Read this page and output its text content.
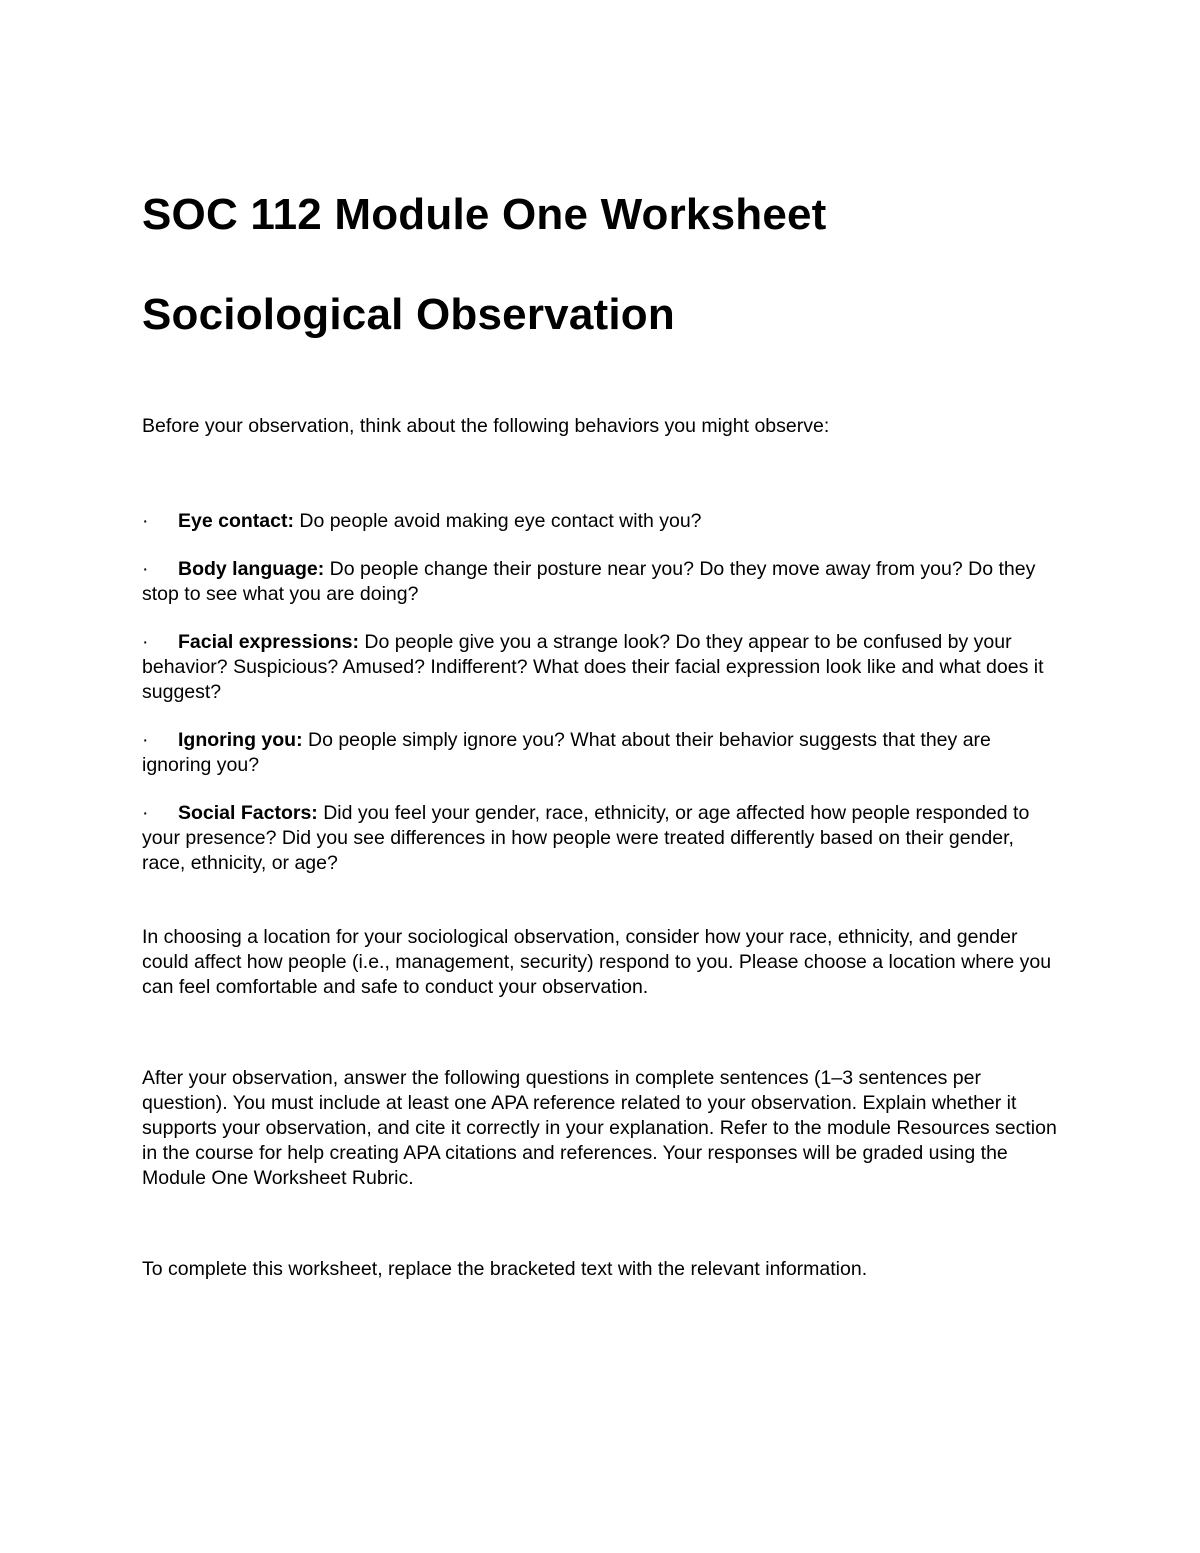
SOC 112 Module One Worksheet
Sociological Observation

Before your observation, think about the following behaviors you might observe:

· Eye contact: Do people avoid making eye contact with you?

· Body language: Do people change their posture near you? Do they move away from you? Do they stop to see what you are doing?

· Facial expressions: Do people give you a strange look? Do they appear to be confused by your behavior? Suspicious? Amused? Indifferent? What does their facial expression look like and what does it suggest?

· Ignoring you: Do people simply ignore you? What about their behavior suggests that they are ignoring you?

· Social Factors: Did you feel your gender, race, ethnicity, or age affected how people responded to your presence? Did you see differences in how people were treated differently based on their gender, race, ethnicity, or age?

In choosing a location for your sociological observation, consider how your race, ethnicity, and gender could affect how people (i.e., management, security) respond to you. Please choose a location where you can feel comfortable and safe to conduct your observation.

After your observation, answer the following questions in complete sentences (1–3 sentences per question). You must include at least one APA reference related to your observation. Explain whether it supports your observation, and cite it correctly in your explanation. Refer to the module Resources section in the course for help creating APA citations and references. Your responses will be graded using the Module One Worksheet Rubric.

To complete this worksheet, replace the bracketed text with the relevant information.
